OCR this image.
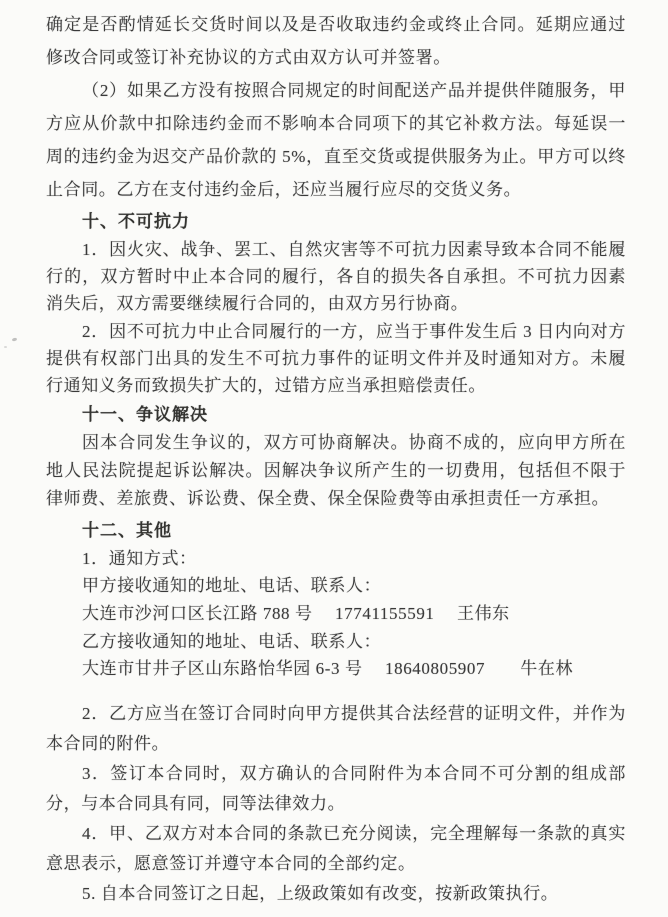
确定是否酌情延长交货时间以及是否收取违约金或终止合同。延期应通过修改合同或签订补充协议的方式由双方认可并签署。
（2）如果乙方没有按照合同规定的时间配送产品并提供伴随服务，甲方应从价款中扣除违约金而不影响本合同项下的其它补救方法。每延误一周的违约金为迟交产品价款的 5%，直至交货或提供服务为止。甲方可以终止合同。乙方在支付违约金后，还应当履行应尽的交货义务。
十、不可抗力
1．因火灾、战争、罢工、自然灾害等不可抗力因素导致本合同不能履行的，双方暂时中止本合同的履行，各自的损失各自承担。不可抗力因素消失后，双方需要继续履行合同的，由双方另行协商。
2．因不可抗力中止合同履行的一方，应当于事件发生后 3 日内向对方提供有权部门出具的发生不可抗力事件的证明文件并及时通知对方。未履行通知义务而致损失扩大的，过错方应当承担赔偿责任。
十一、争议解决
因本合同发生争议的，双方可协商解决。协商不成的，应向甲方所在地人民法院提起诉讼解决。因解决争议所产生的一切费用，包括但不限于律师费、差旅费、诉讼费、保全费、保全保险费等由承担责任一方承担。
十二、其他
1．通知方式：
甲方接收通知的地址、电话、联系人：
大连市沙河口区长江路 788 号　 17741155591　 王伟东
乙方接收通知的地址、电话、联系人：
大连市甘井子区山东路怡华园 6-3 号　 18640805907　　牛在林
2．乙方应当在签订合同时向甲方提供其合法经营的证明文件，并作为本合同的附件。
3．签订本合同时，双方确认的合同附件为本合同不可分割的组成部分，与本合同具有同，同等法律效力。
4．甲、乙双方对本合同的条款已充分阅读，完全理解每一条款的真实意思表示，愿意签订并遵守本合同的全部约定。
5. 自本合同签订之日起，上级政策如有改变，按新政策执行。
